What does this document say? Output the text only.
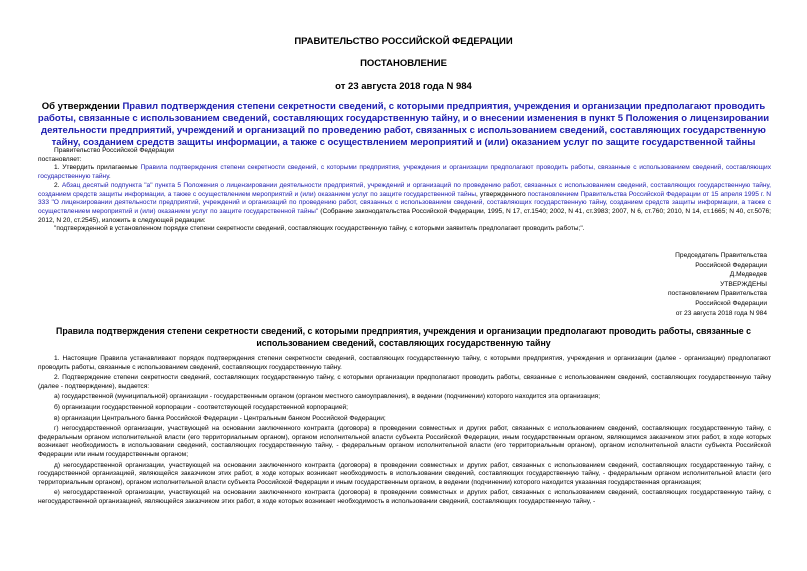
ПРАВИТЕЛЬСТВО РОССИЙСКОЙ ФЕДЕРАЦИИ
ПОСТАНОВЛЕНИЕ
от 23 августа 2018 года N 984
Об утверждении Правил подтверждения степени секретности сведений, с которыми предприятия, учреждения и организации предполагают проводить работы, связанные с использованием сведений, составляющих государственную тайну, и о внесении изменения в пункт 5 Положения о лицензировании деятельности предприятий, учреждений и организаций по проведению работ, связанных с использованием сведений, составляющих государственную тайну, созданием средств защиты информации, а также с осуществлением мероприятий и (или) оказанием услуг по защите государственной тайны

Правительство Российской Федерации

постановляет:

1. Утвердить прилагаемые Правила подтверждения степени секретности сведений, с которыми предприятия, учреждения и организации предполагают проводить работы, связанные с использованием сведений, составляющих государственную тайну.

2. Абзац десятый подпункта "а" пункта 5 Положения о лицензировании деятельности предприятий, учреждений и организаций по проведению работ, связанных с использованием сведений, составляющих государственную тайну, созданием средств защиты информации, а также с осуществлением мероприятий и (или) оказанием услуг по защите государственной тайны, утвержденного постановлением Правительства Российской Федерации от 15 апреля 1995 г. N 333 "О лицензировании деятельности предприятий, учреждений и организаций по проведению работ, связанных с использованием сведений, составляющих государственную тайну, созданием средств защиты информации, а также с осуществлением мероприятий и (или) оказанием услуг по защите государственной тайны" (Собрание законодательства Российской Федерации, 1995, N 17, ст.1540; 2002, N 41, ст.3983; 2007, N 6, ст.760; 2010, N 14, ст.1665; N 40, ст.5076; 2012, N 20, ст.2545), изложить в следующей редакции:

"подтвержденной в установленном порядке степени секретности сведений, составляющих государственную тайну, с которыми заявитель предполагает проводить работы;".

Председатель Правительства
Российской Федерации
Д.Медведев
УТВЕРЖДЕНЫ
постановлением Правительства
Российской Федерации
от 23 августа 2018 года N 984
Правила подтверждения степени секретности сведений, с которыми предприятия, учреждения и организации предполагают проводить работы, связанные с использованием сведений, составляющих государственную тайну

1. Настоящие Правила устанавливают порядок подтверждения степени секретности сведений, составляющих государственную тайну, с которыми предприятия, учреждения и организации (далее - организации) предполагают проводить работы, связанные с использованием сведений, составляющих государственную тайну.

2. Подтверждение степени секретности сведений, составляющих государственную тайну, с которыми организации предполагают проводить работы, связанные с использованием сведений, составляющих государственную тайну (далее - подтверждение), выдается:

а) государственной (муниципальной) организации - государственным органом (органом местного самоуправления), в ведении (подчинении) которого находится эта организация;

б) организации государственной корпорации - соответствующей государственной корпорацией;

в) организации Центрального банка Российской Федерации - Центральным банком Российской Федерации;

г) негосударственной организации, участвующей на основании заключенного контракта (договора) в проведении совместных и других работ, связанных с использованием сведений, составляющих государственную тайну, с федеральным органом исполнительной власти (его территориальным органом), органом исполнительной власти субъекта Российской Федерации, иным государственным органом, являющимся заказчиком этих работ, в ходе которых возникает необходимость в использовании сведений, составляющих государственную тайну, - федеральным органом исполнительной власти (его территориальным органом), органом исполнительной власти субъекта Российской Федерации или иным государственным органом;

д) негосударственной организации, участвующей на основании заключенного контракта (договора) в проведении совместных и других работ, связанных с использованием сведений, составляющих государственную тайну, с государственной организацией, являющейся заказчиком этих работ, в ходе которых возникает необходимость в использовании сведений, составляющих государственную тайну, - федеральным органом исполнительной власти (его территориальным органом), органом исполнительной власти субъекта Российской Федерации и иным государственным органом, в ведении (подчинении) которого находится указанная государственная организация;

е) негосударственной организации, участвующей на основании заключенного контракта (договора) в проведении совместных и других работ, связанных с использованием сведений, составляющих государственную тайну, с негосударственной организацией, являющейся заказчиком этих работ, в ходе которых возникает необходимость в использовании сведений, составляющих государственную тайну, -
